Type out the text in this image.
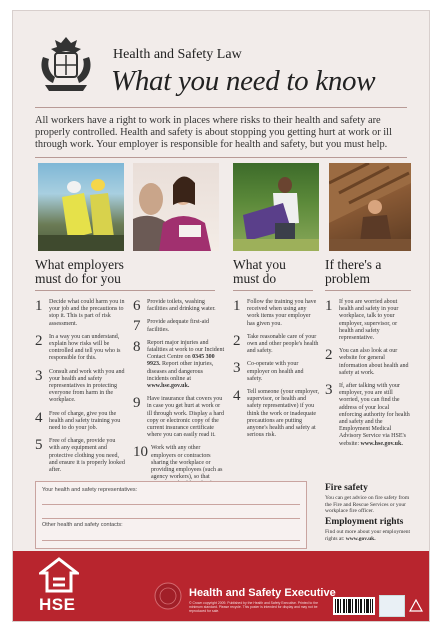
Health and Safety Law
What you need to know
All workers have a right to work in places where risks to their health and safety are properly controlled. Health and safety is about stopping you getting hurt at work or ill through work. Your employer is responsible for health and safety, but you must help.
What employers
must do for you
What you
must do
If there's a
problem
1	Decide what could harm you in your job and the precautions to stop it. This is part of risk assessment.
2	In a way you can understand, explain how risks will be controlled and tell you who is responsible for this.
3	Consult and work with you and your health and safety representatives in protecting everyone from harm in the workplace.
4	Free of charge, give you the health and safety training you need to do your job.
5	Free of charge, provide you with any equipment and protective clothing you need, and ensure it is properly looked after.
6	Provide toilets, washing facilities and drinking water.
7	Provide adequate first-aid facilities.
8	Report major injuries and fatalities at work to our Incident Contact Centre on 0345 300 9923. Report other injuries, diseases and dangerous incidents online at www.hse.gov.uk.
9	Have insurance that covers you in case you get hurt at work or ill through work. Display a hard copy or electronic copy of the current insurance certificate where you can easily read it.
10 Work with any other employers or contractors sharing the workplace or providing employees (such as agency workers), so that
1	Follow the training you have received when using any work items your employer has given you.
2	Take reasonable care of your own and other people's health and safety.
3	Co-operate with your employer on health and safety.
4	Tell someone (your employer, supervisor, or health and safety representative) if you think the work or inadequate precautions are putting anyone's health and safety at serious risk.
1	If you are worried about health and safety in your workplace, talk to your employer, supervisor, or health and safety representative.
2	You can also look at our website for general information about health and safety at work.
3	If, after talking with your employer, you are still worried, you can find the address of your local enforcing authority for health and safety and the Employment Medical Advisory Service via HSE's website: www.hse.gov.uk.
Your health and safety representatives:
Other health and safety contacts:
Fire safety
You can get advice on fire safety from the Fire and Rescue Services or your workplace fire officer.
Employment rights
Find out more about your employment rights at: www.gov.uk.
HSE
Health and Safety Executive
© Crown copyright 2009. Published by the Health and Safety Executive. Printed to the minimum standard. Please recycle. This poster is intended for display and may not be reproduced for sale.
